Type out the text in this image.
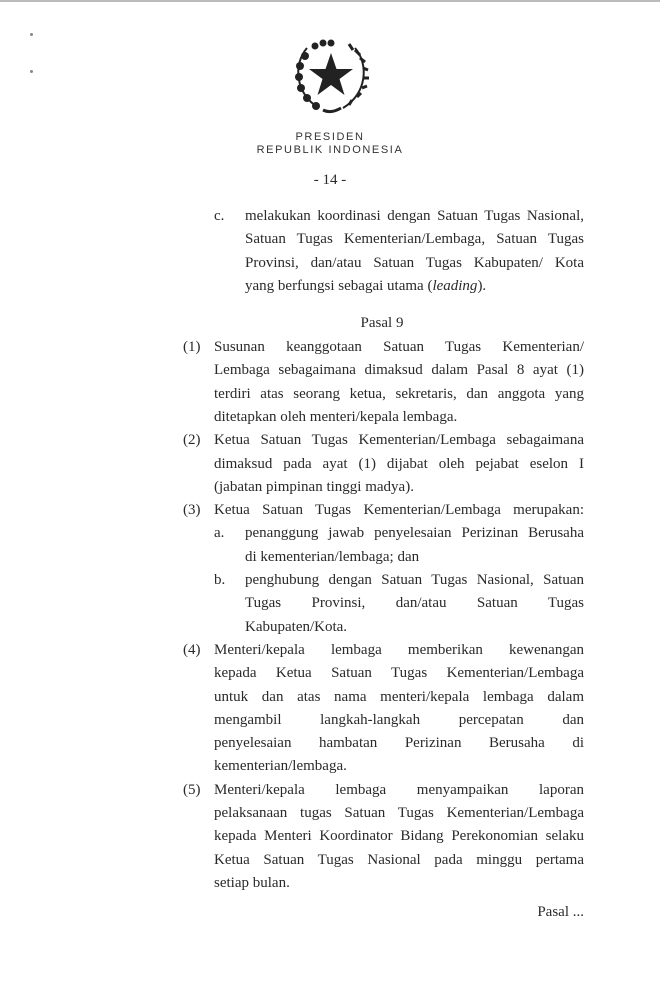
PRESIDEN
REPUBLIK INDONESIA
- 14 -
c. melakukan koordinasi dengan Satuan Tugas Nasional,
Satuan Tugas Kementerian/Lembaga, Satuan Tugas
Provinsi, dan/atau Satuan Tugas Kabupaten/ Kota
yang berfungsi sebagai utama (leading).
Pasal 9
(1) Susunan keanggotaan Satuan Tugas Kementerian/
Lembaga sebagaimana dimaksud dalam Pasal 8 ayat (1)
terdiri atas seorang ketua, sekretaris, dan anggota yang
ditetapkan oleh menteri/kepala lembaga.
(2) Ketua Satuan Tugas Kementerian/Lembaga sebagaimana
dimaksud pada ayat (1) dijabat oleh pejabat eselon I
(jabatan pimpinan tinggi madya).
(3) Ketua Satuan Tugas Kementerian/Lembaga merupakan:
a. penanggung jawab penyelesaian Perizinan Berusaha
di kementerian/lembaga; dan
b. penghubung dengan Satuan Tugas Nasional, Satuan
Tugas Provinsi, dan/atau Satuan Tugas
Kabupaten/Kota.
(4) Menteri/kepala lembaga memberikan kewenangan
kepada Ketua Satuan Tugas Kementerian/Lembaga
untuk dan atas nama menteri/kepala lembaga dalam
mengambil langkah-langkah percepatan dan
penyelesaian hambatan Perizinan Berusaha di
kementerian/lembaga.
(5) Menteri/kepala lembaga menyampaikan laporan
pelaksanaan tugas Satuan Tugas Kementerian/Lembaga
kepada Menteri Koordinator Bidang Perekonomian selaku
Ketua Satuan Tugas Nasional pada minggu pertama
setiap bulan.
Pasal ...
